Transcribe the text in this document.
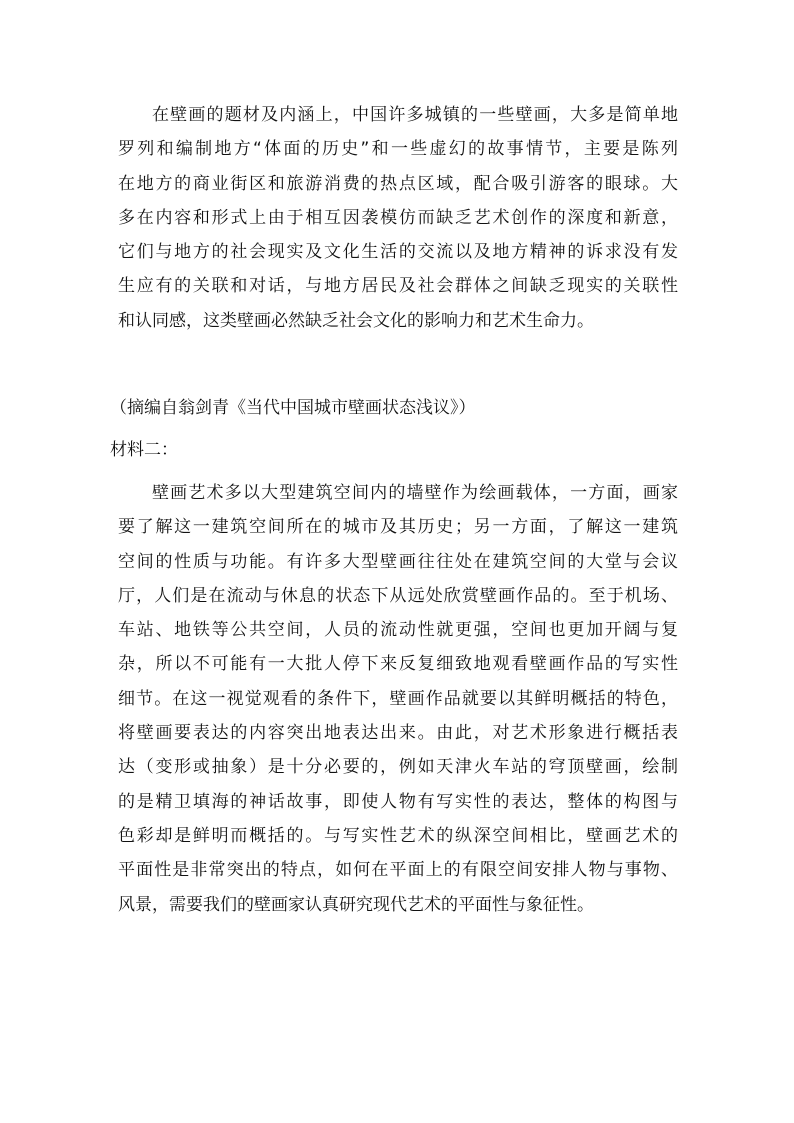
在壁画的题材及内涵上，中国许多城镇的一些壁画，大多是简单地
罗列和编制地方“体面的历史”和一些虚幻的故事情节，主要是陈列
在地方的商业街区和旅游消费的热点区域，配合吸引游客的眼球。大
多在内容和形式上由于相互因袭模仿而缺乏艺术创作的深度和新意，
它们与地方的社会现实及文化生活的交流以及地方精神的诉求没有发
生应有的关联和对话，与地方居民及社会群体之间缺乏现实的关联性
和认同感，这类壁画必然缺乏社会文化的影响力和艺术生命力。
（摘编自翁剑青《当代中国城市壁画状态浅议》）
材料二：
壁画艺术多以大型建筑空间内的墙壁作为绘画载体，一方面，画家
要了解这一建筑空间所在的城市及其历史；另一方面，了解这一建筑
空间的性质与功能。有许多大型壁画往往处在建筑空间的大堂与会议
厅，人们是在流动与休息的状态下从远处欣赏壁画作品的。至于机场、
车站、地铁等公共空间，人员的流动性就更强，空间也更加开阔与复
杂，所以不可能有一大批人停下来反复细致地观看壁画作品的写实性
细节。在这一视觉观看的条件下，壁画作品就要以其鲜明概括的特色，
将壁画要表达的内容突出地表达出来。由此，对艺术形象进行概括表
达（变形或抽象）是十分必要的，例如天津火车站的穹顶壁画，绘制
的是精卫填海的神话故事，即使人物有写实性的表达，整体的构图与
色彩却是鲜明而概括的。与写实性艺术的纵深空间相比，壁画艺术的
平面性是非常突出的特点，如何在平面上的有限空间安排人物与事物、
风景，需要我们的壁画家认真研究现代艺术的平面性与象征性。
